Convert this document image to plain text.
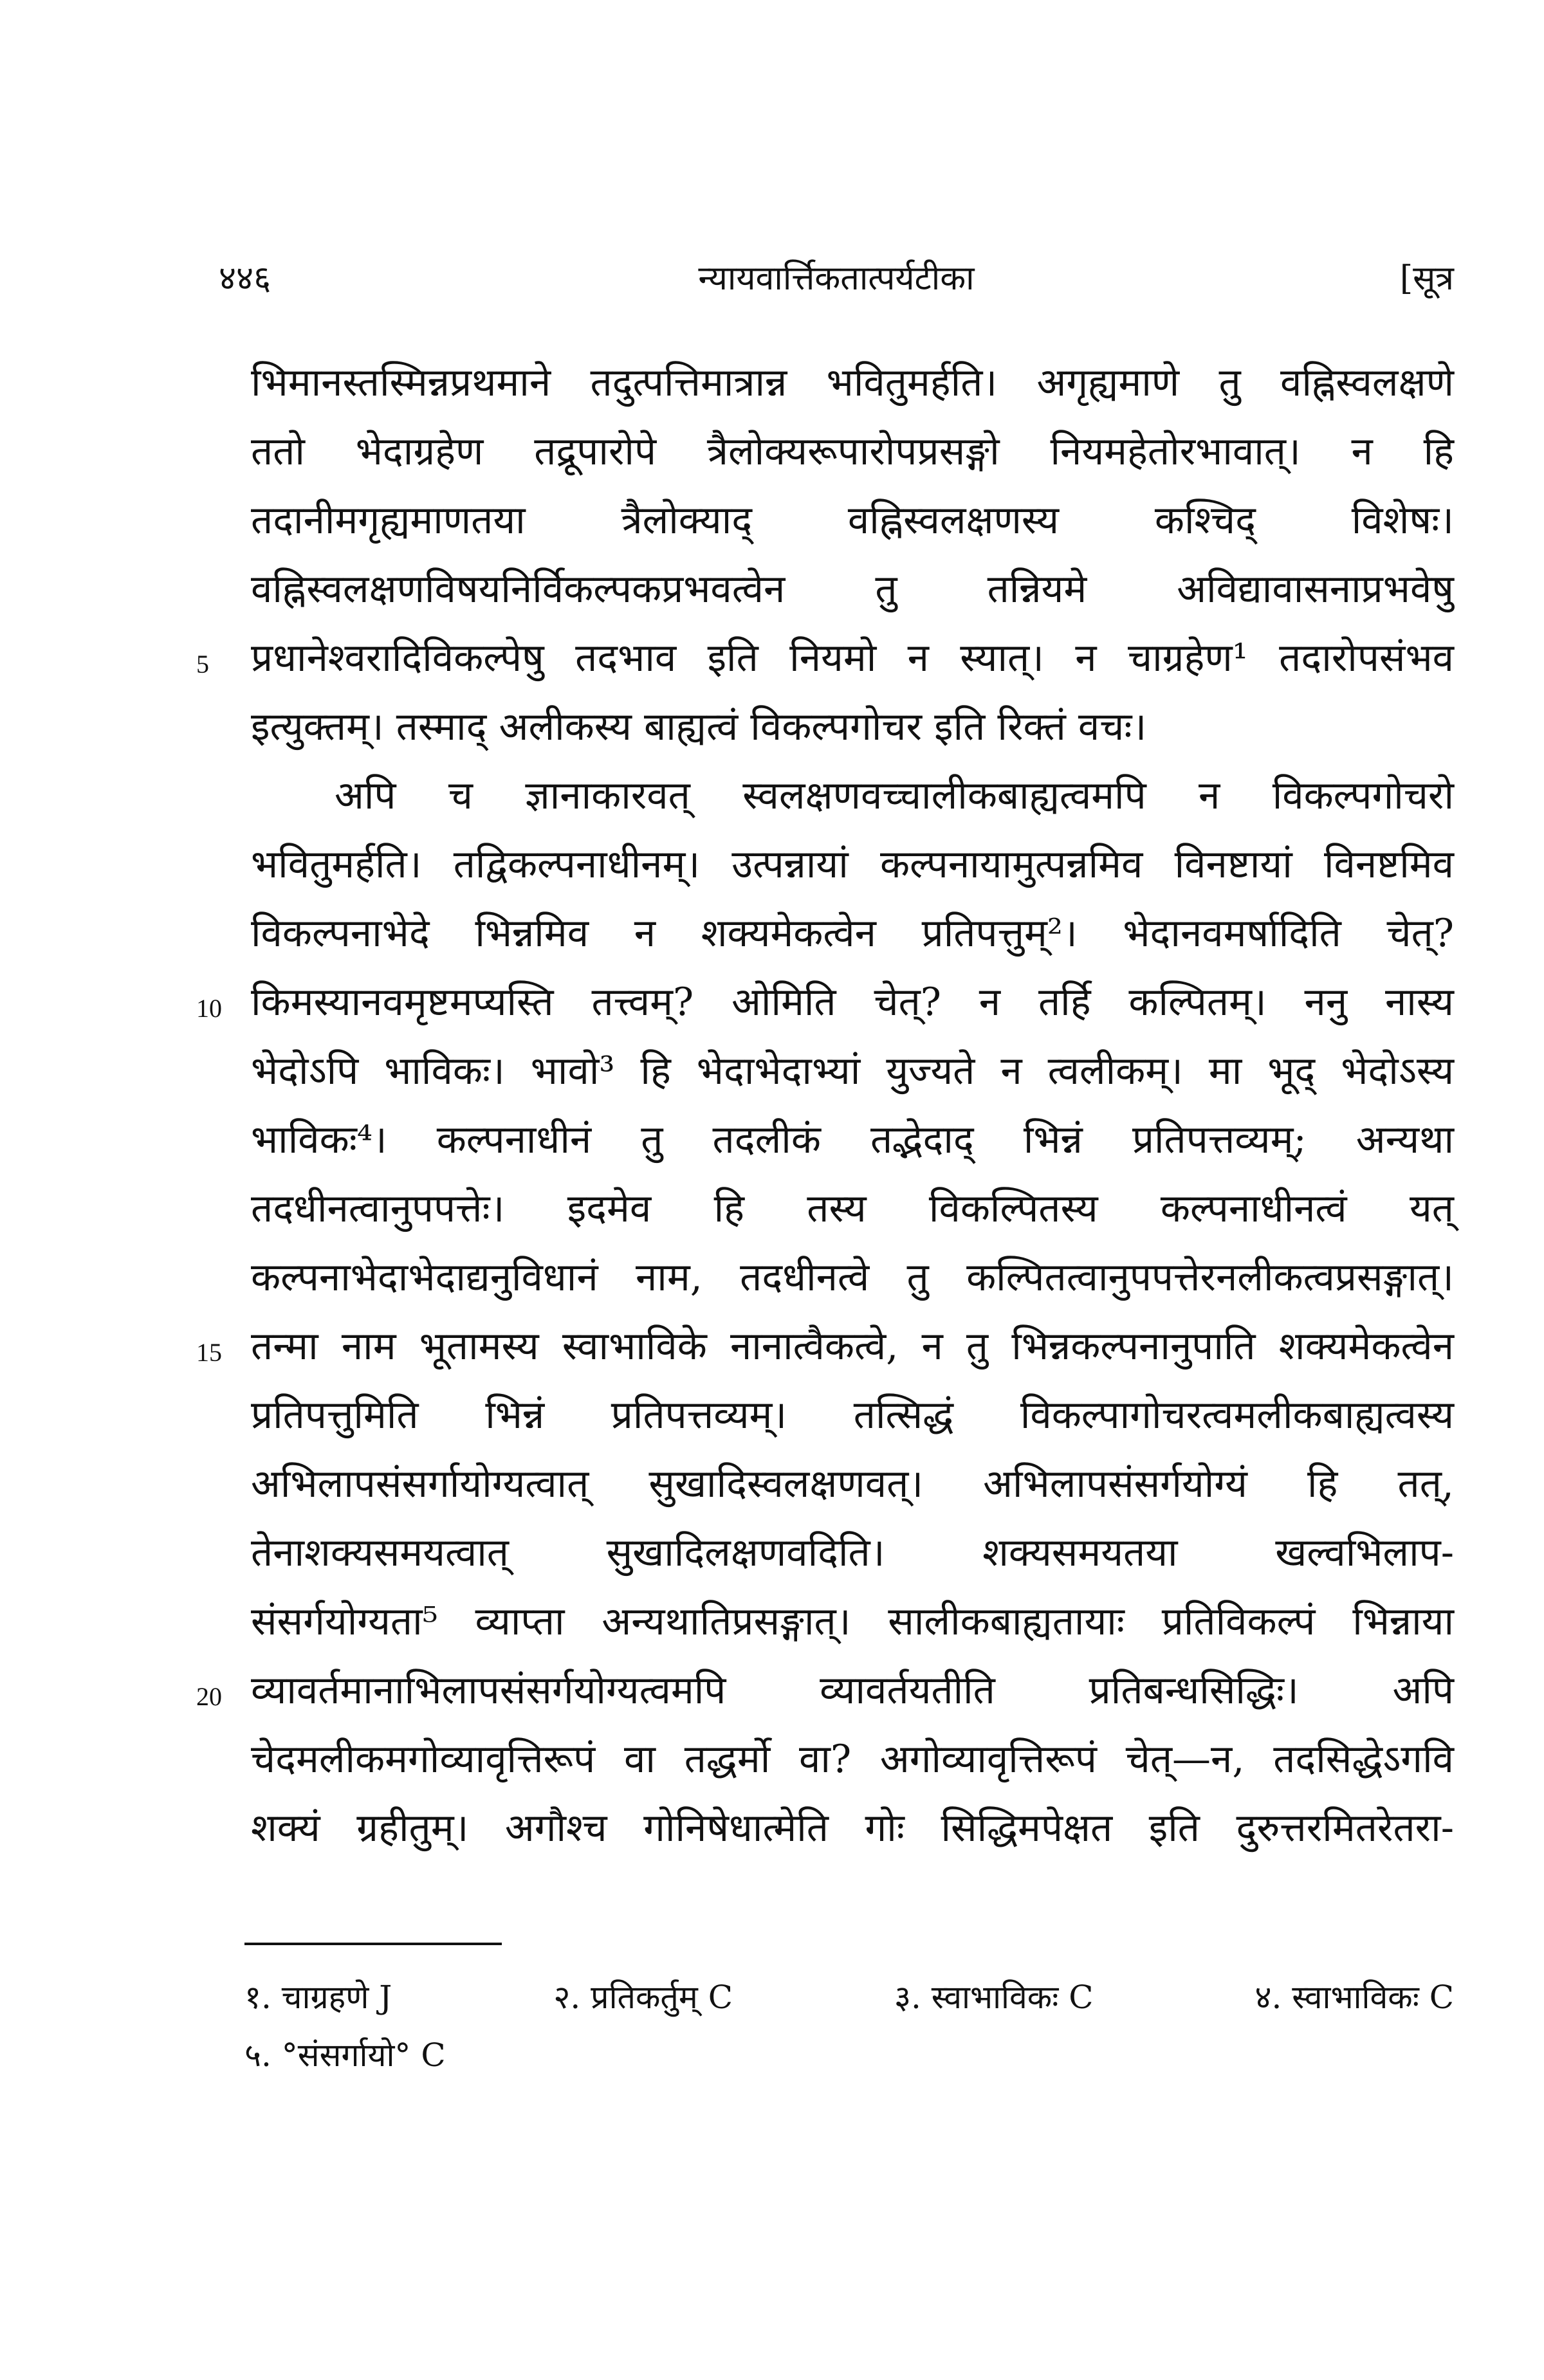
४४६	न्यायवार्त्तिकतात्पर्यटीका	[सूत्र
भिमानस्तस्मिन्नप्रथमाने तदुत्पत्तिमात्रान्न भवितुमर्हति। अगृह्यमाणे तु वह्निस्वलक्षणे
ततो भेदाग्रहेण तद्रूपारोपे त्रैलोक्यरूपारोपप्रसङ्गो नियमहेतोरभावात्। न हि
तदानीमगृह्यमाणतया त्रैलोक्याद् वह्निस्वलक्षणस्य कश्चिद् विशेषः।
वह्निस्वलक्षणविषयनिर्विकल्पकप्रभवत्वेन तु तन्नियमे अविद्यावासनाप्रभवेषु
5 प्रधानेश्वरादिविकल्पेषु तदभाव इति नियमो न स्यात्। न चाग्रहेण¹ तदारोपसंभव
इत्युक्तम्। तस्माद् अलीकस्य बाह्यत्वं विकल्पगोचर इति रिक्तं वचः।
अपि च ज्ञानाकारवत् स्वलक्षणवच्चालीकबाह्यत्वमपि न विकल्पगोचरो
भवितुमर्हति। तद्विकल्पनाधीनम्। उत्पन्नायां कल्पनायामुत्पन्नमिव विनष्टायां विनष्टमिव
विकल्पनाभेदे भिन्नमिव न शक्यमेकत्वेन प्रतिपत्तुम्²। भेदानवमर्षादिति चेत्?
10 किमस्यानवमृष्टमप्यस्ति तत्त्वम्? ओमिति चेत्? न तर्हि कल्पितम्। ननु नास्य
भेदोऽपि भाविकः। भावो³ हि भेदाभेदाभ्यां युज्यते न त्वलीकम्। मा भूद् भेदोऽस्य
भाविकः⁴। कल्पनाधीनं तु तदलीकं तद्भेदाद् भिन्नं प्रतिपत्तव्यम्; अन्यथा
तदधीनत्वानुपपत्तेः। इदमेव हि तस्य विकल्पितस्य कल्पनाधीनत्वं यत्
कल्पनाभेदाभेदाद्यनुविधानं नाम, तदधीनत्वे तु कल्पितत्वानुपपत्तेरनलीकत्वप्रसङ्गात्।
15 तन्मा नाम भूतामस्य स्वाभाविके नानात्वैकत्वे, न तु भिन्नकल्पनानुपाति शक्यमेकत्वेन
प्रतिपत्तुमिति भिन्नं प्रतिपत्तव्यम्। तत्सिद्धं विकल्पागोचरत्वमलीकबाह्यत्वस्य
अभिलापसंसर्गायोग्यत्वात् सुखादिस्वलक्षणवत्। अभिलापसंसर्गयोग्यं हि तत्,
तेनाशक्यसमयत्वात् सुखादिलक्षणवदिति। शक्यसमयतया खल्वभिलाप-
संसर्गयोग्यता⁵ व्याप्ता अन्यथातिप्रसङ्गात्। सालीकबाह्यतायाः प्रतिविकल्पं भिन्नाया
20 व्यावर्तमानाभिलापसंसर्गयोग्यत्वमपि व्यावर्तयतीति प्रतिबन्धसिद्धिः। अपि
चेदमलीकमगोव्यावृत्तिरूपं वा तद्धर्मो वा? अगोव्यावृत्तिरूपं चेत्—न, तदसिद्धेऽगवि
शक्यं ग्रहीतुम्। अगौश्च गोनिषेधात्मेति गोः सिद्धिमपेक्षत इति दुरुत्तरमितरेतरा-
१. चाग्रहणे J	२. प्रतिकर्तुम् C	३. स्वाभाविकः C	४. स्वाभाविकः C
५. °संसर्गायो° C
